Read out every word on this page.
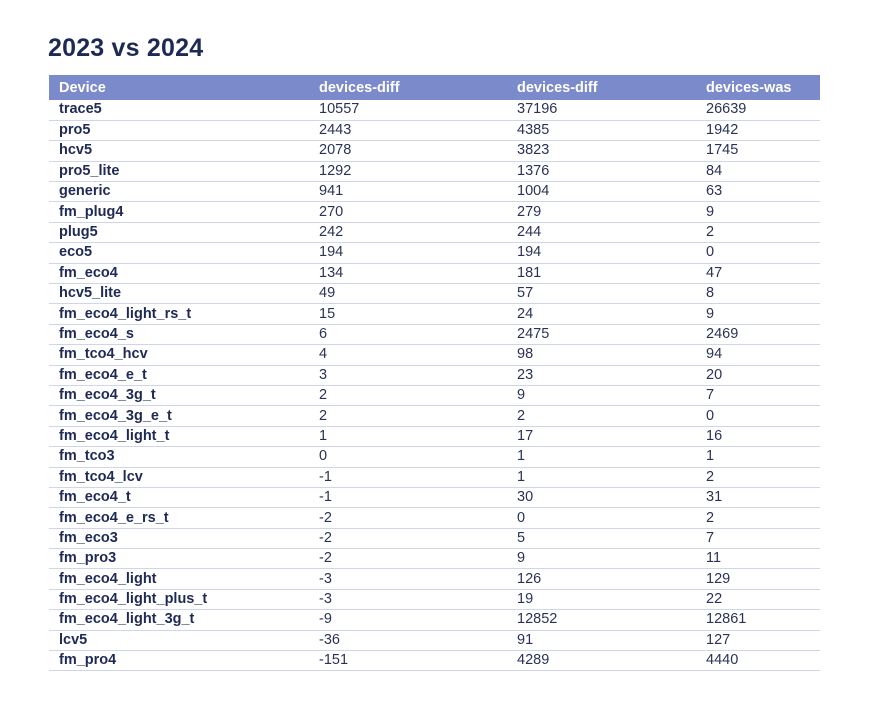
2023 vs 2024
Device	devices-diff	devices-diff	devices-was
trace5	10557	37196	26639
pro5	2443	4385	1942
hcv5	2078	3823	1745
pro5_lite	1292	1376	84
generic	941	1004	63
fm_plug4	270	279	9
plug5	242	244	2
eco5	194	194	0
fm_eco4	134	181	47
hcv5_lite	49	57	8
fm_eco4_light_rs_t	15	24	9
fm_eco4_s	6	2475	2469
fm_tco4_hcv	4	98	94
fm_eco4_e_t	3	23	20
fm_eco4_3g_t	2	9	7
fm_eco4_3g_e_t	2	2	0
fm_eco4_light_t	1	17	16
fm_tco3	0	1	1
fm_tco4_lcv	-1	1	2
fm_eco4_t	-1	30	31
fm_eco4_e_rs_t	-2	0	2
fm_eco3	-2	5	7
fm_pro3	-2	9	11
fm_eco4_light	-3	126	129
fm_eco4_light_plus_t	-3	19	22
fm_eco4_light_3g_t	-9	12852	12861
lcv5	-36	91	127
fm_pro4	-151	4289	4440
